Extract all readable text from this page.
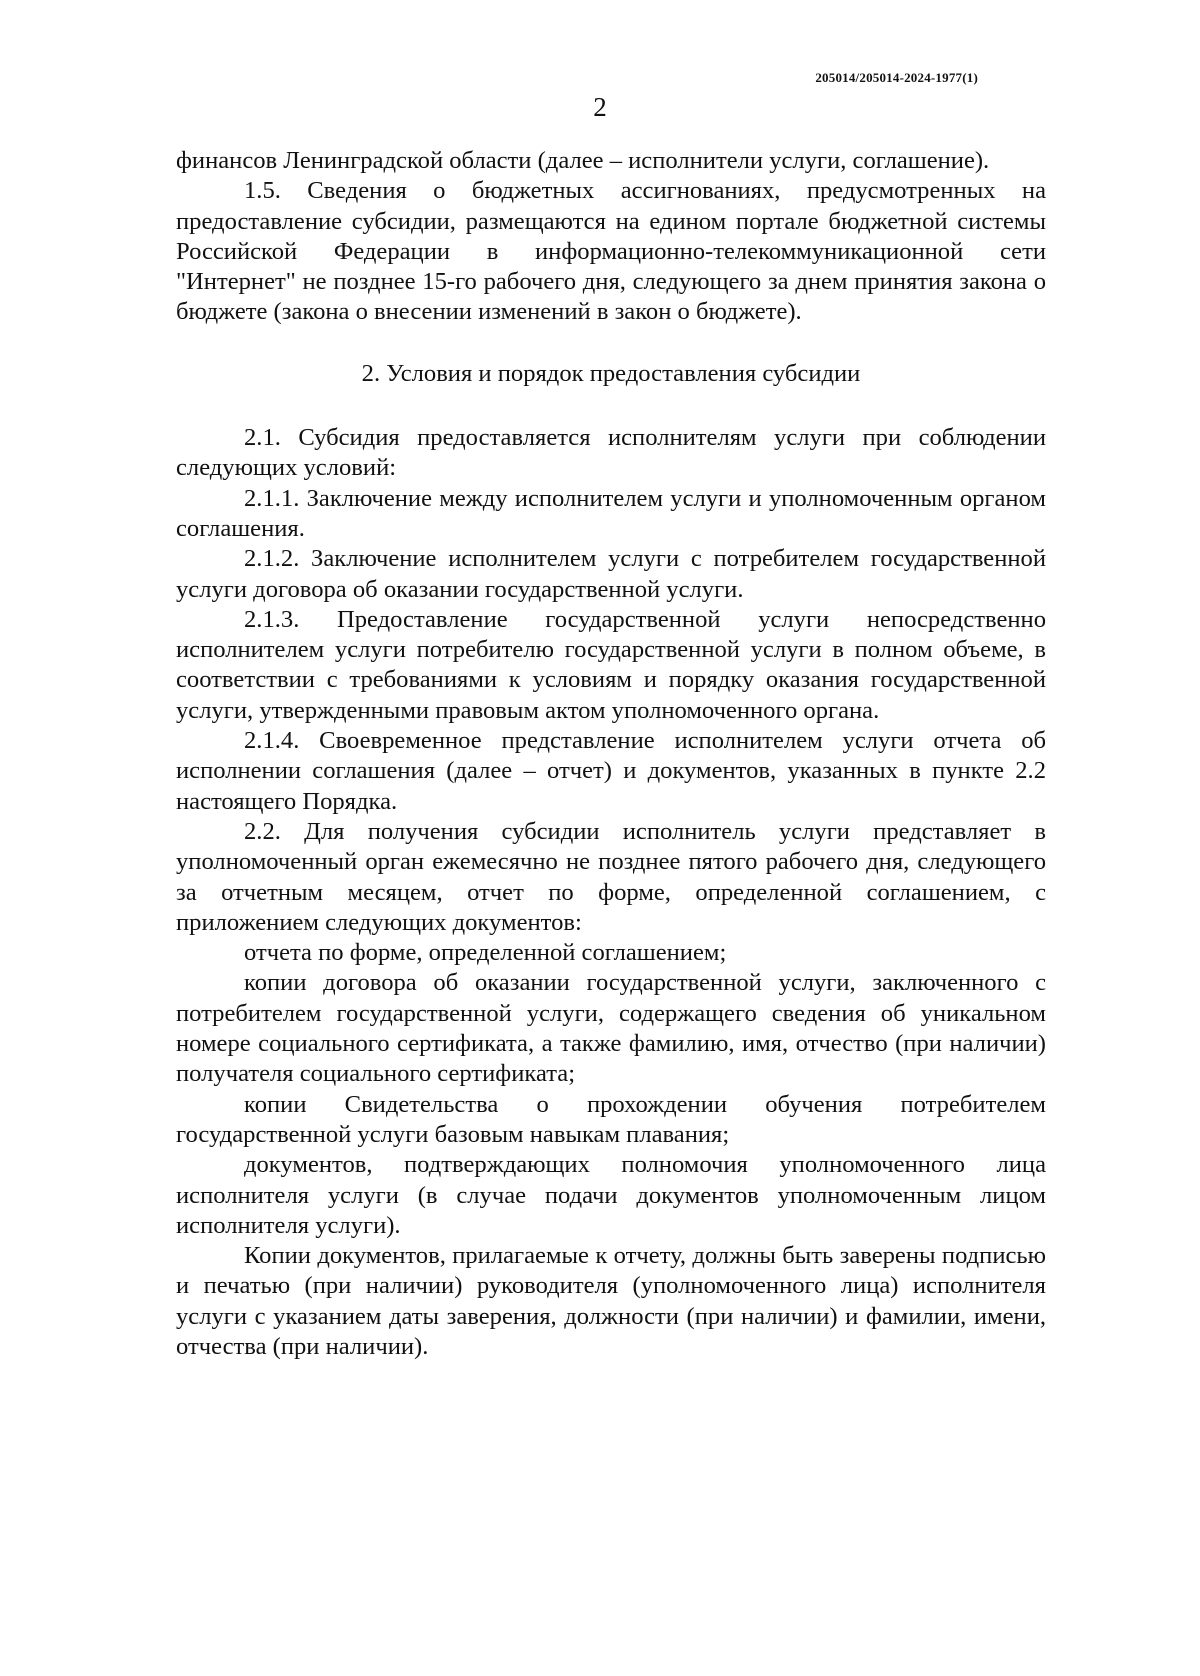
205014/205014-2024-1977(1)
2

финансов Ленинградской области (далее – исполнители услуги, соглашение).

1.5. Сведения о бюджетных ассигнованиях, предусмотренных на предоставление субсидии, размещаются на едином портале бюджетной системы Российской Федерации в информационно-телекоммуникационной сети "Интернет" не позднее 15-го рабочего дня, следующего за днем принятия закона о бюджете (закона о внесении изменений в закон о бюджете).

2. Условия и порядок предоставления субсидии

2.1. Субсидия предоставляется исполнителям услуги при соблюдении следующих условий:

2.1.1. Заключение между исполнителем услуги и уполномоченным органом соглашения.

2.1.2. Заключение исполнителем услуги с потребителем государственной услуги договора об оказании государственной услуги.

2.1.3. Предоставление государственной услуги непосредственно исполнителем услуги потребителю государственной услуги в полном объеме, в соответствии с требованиями к условиям и порядку оказания государственной услуги, утвержденными правовым актом уполномоченного органа.

2.1.4. Своевременное представление исполнителем услуги отчета об исполнении соглашения (далее – отчет) и документов, указанных в пункте 2.2 настоящего Порядка.

2.2. Для получения субсидии исполнитель услуги представляет в уполномоченный орган ежемесячно не позднее пятого рабочего дня, следующего за отчетным месяцем, отчет по форме, определенной соглашением, с приложением следующих документов:

отчета по форме, определенной соглашением;

копии договора об оказании государственной услуги, заключенного с потребителем государственной услуги, содержащего сведения об уникальном номере социального сертификата, а также фамилию, имя, отчество (при наличии) получателя социального сертификата;

копии Свидетельства о прохождении обучения потребителем государственной услуги базовым навыкам плавания;

документов, подтверждающих полномочия уполномоченного лица исполнителя услуги (в случае подачи документов уполномоченным лицом исполнителя услуги).

Копии документов, прилагаемые к отчету, должны быть заверены подписью и печатью (при наличии) руководителя (уполномоченного лица) исполнителя услуги с указанием даты заверения, должности (при наличии) и фамилии, имени, отчества (при наличии).
